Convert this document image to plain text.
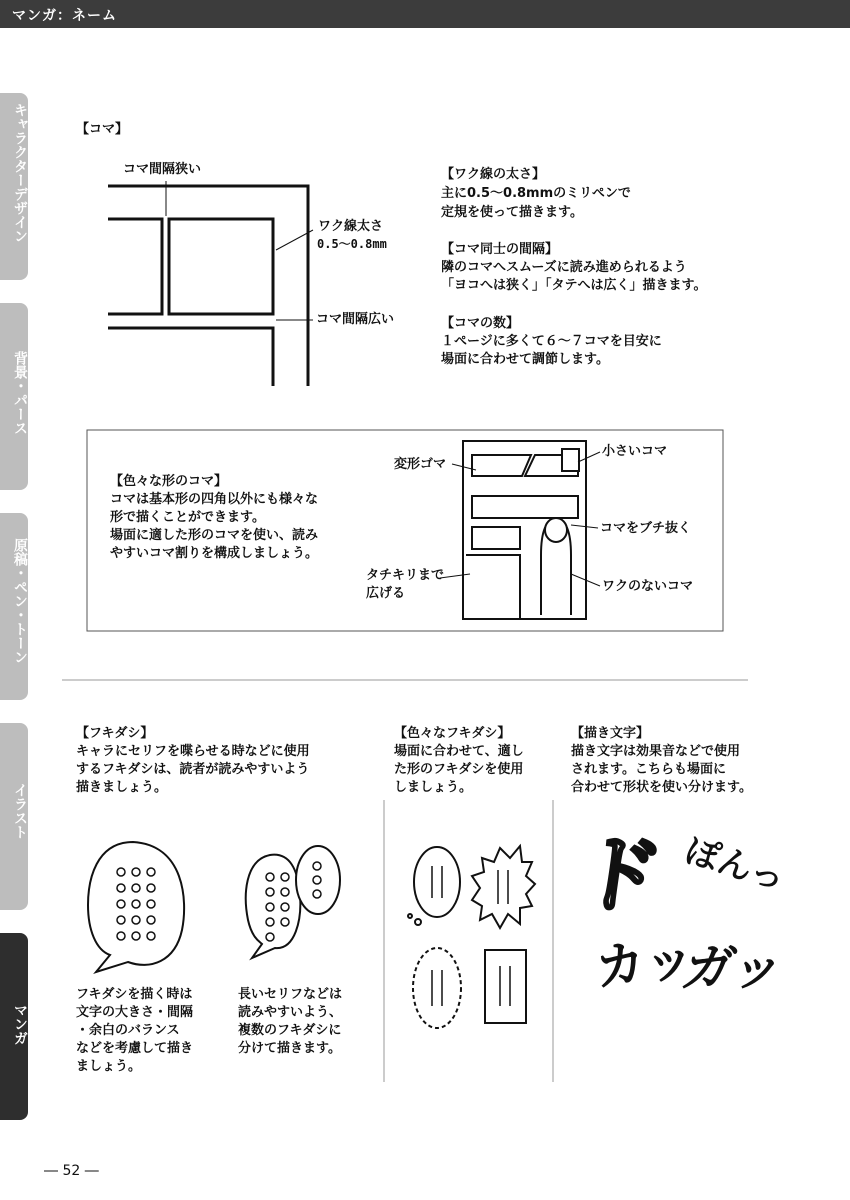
マンガ：ネーム
キャラクターデザイン
背景・パース
原稿・ペン・トーン
イラスト
マンガ
【コマ】
コマ間隔狭い
ワク線太さ
0.5〜0.8mm
コマ間隔広い
【ワク線の太さ】
主に0.5〜0.8mmのミリペンで
定規を使って描きます。
【コマ同士の間隔】
隣のコマへスムーズに読み進められるよう
「ヨコへは狭く」「タテへは広く」描きます。
【コマの数】
１ページに多くて６〜７コマを目安に
場面に合わせて調節します。
【色々な形のコマ】
コマは基本形の四角以外にも様々な
形で描くことができます。
場面に適した形のコマを使い、読み
やすいコマ割りを構成しましょう。
変形ゴマ
小さいコマ
コマをブチ抜く
タチキリまで
広げる	ワクのないコマ
【フキダシ】
キャラにセリフを喋らせる時などに使用
するフキダシは、読者が読みやすいよう
描きましょう。
フキダシを描く時は
文字の大きさ・間隔
・余白のバランス
などを考慮して描き
ましょう。
長いセリフなどは
読みやすいよう、
複数のフキダシに
分けて描きます。
【色々なフキダシ】
場面に合わせて、適し
た形のフキダシを使用
しましょう。
【描き文字】
描き文字は効果音などで使用
されます。こちらも場面に
合わせて形状を使い分けます。
ド ぽんっ
カッ
ガッ
― 52 ―
